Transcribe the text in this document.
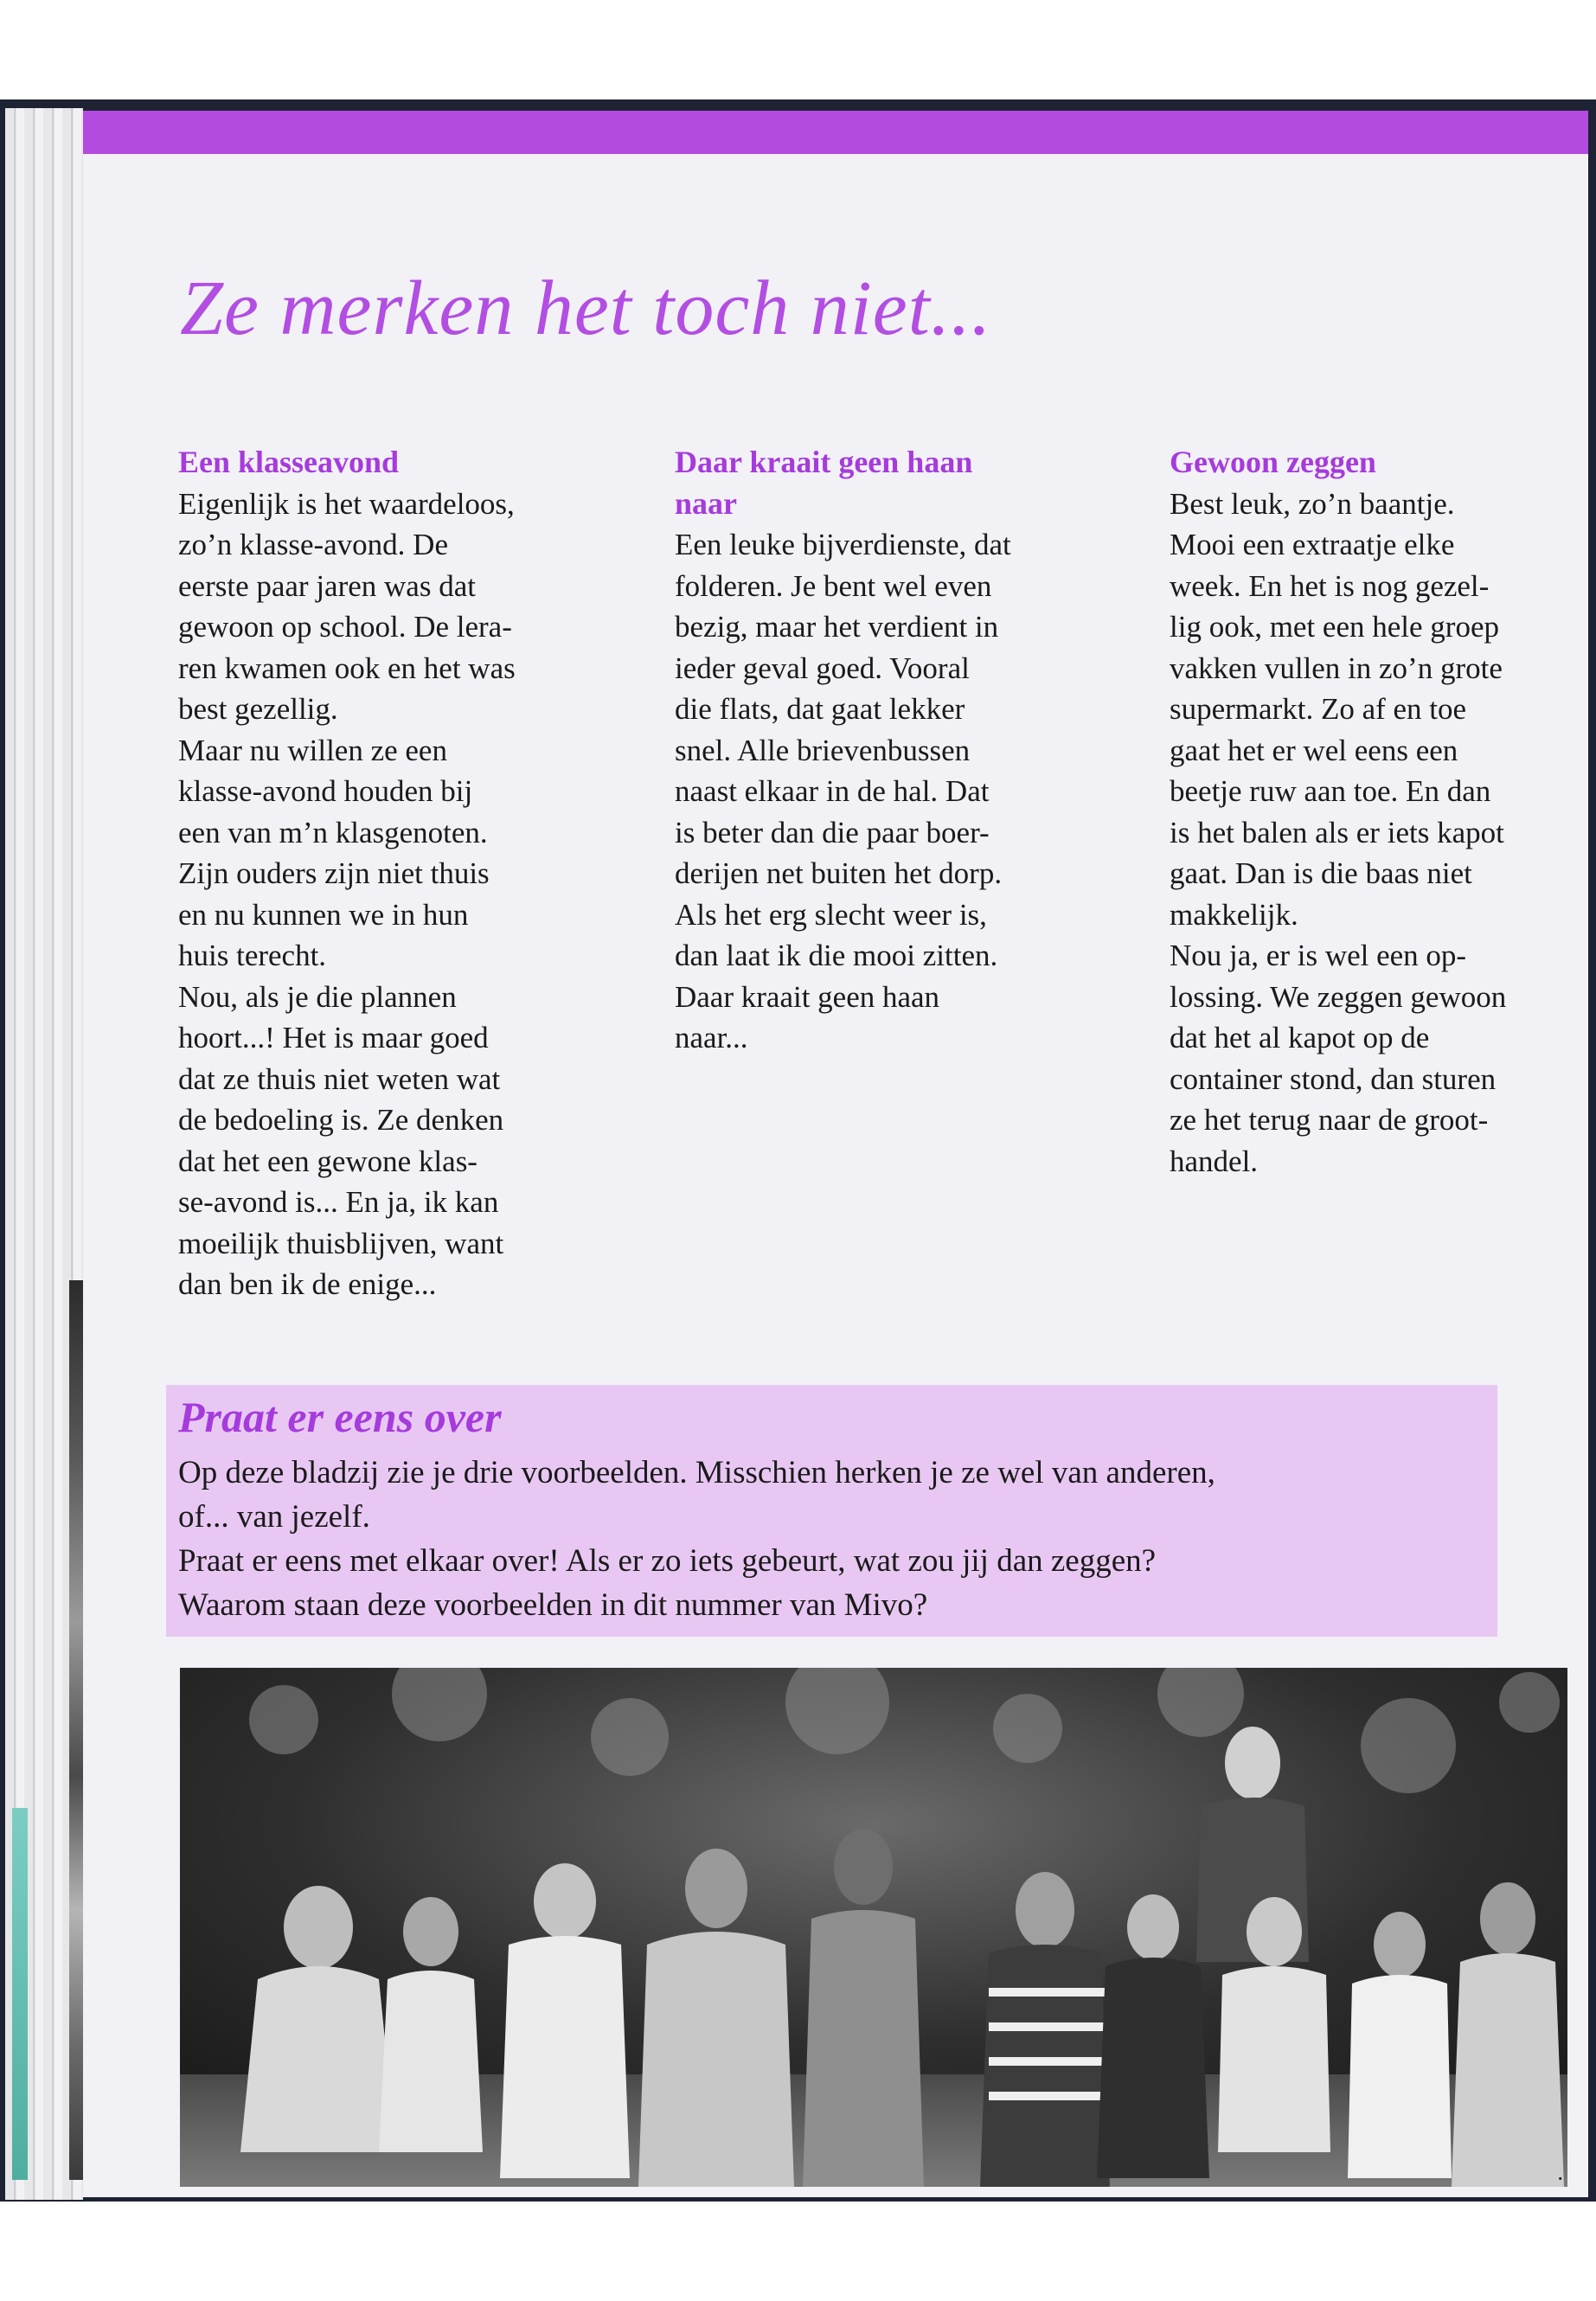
Ze merken het toch niet...
Een klasseavond
Eigenlijk is het waardeloos,
zo’n klasse-avond. De
eerste paar jaren was dat
gewoon op school. De lera-
ren kwamen ook en het was
best gezellig.
Maar nu willen ze een
klasse-avond houden bij
een van m’n klasgenoten.
Zijn ouders zijn niet thuis
en nu kunnen we in hun
huis terecht.
Nou, als je die plannen
hoort...! Het is maar goed
dat ze thuis niet weten wat
de bedoeling is. Ze denken
dat het een gewone klas-
se-avond is... En ja, ik kan
moeilijk thuisblijven, want
dan ben ik de enige...
Daar kraait geen haan
naar
Een leuke bijverdienste, dat
folderen. Je bent wel even
bezig, maar het verdient in
ieder geval goed. Vooral
die flats, dat gaat lekker
snel. Alle brievenbussen
naast elkaar in de hal. Dat
is beter dan die paar boer-
derijen net buiten het dorp.
Als het erg slecht weer is,
dan laat ik die mooi zitten.
Daar kraait geen haan
naar...
Gewoon zeggen
Best leuk, zo’n baantje.
Mooi een extraatje elke
week. En het is nog gezel-
lig ook, met een hele groep
vakken vullen in zo’n grote
supermarkt. Zo af en toe
gaat het er wel eens een
beetje ruw aan toe. En dan
is het balen als er iets kapot
gaat. Dan is die baas niet
makkelijk.
Nou ja, er is wel een op-
lossing. We zeggen gewoon
dat het al kapot op de
container stond, dan sturen
ze het terug naar de groot-
handel.
Praat er eens over
Op deze bladzij zie je drie voorbeelden. Misschien herken je ze wel van anderen,
of... van jezelf.
Praat er eens met elkaar over! Als er zo iets gebeurt, wat zou jij dan zeggen?
Waarom staan deze voorbeelden in dit nummer van Mivo?
·
